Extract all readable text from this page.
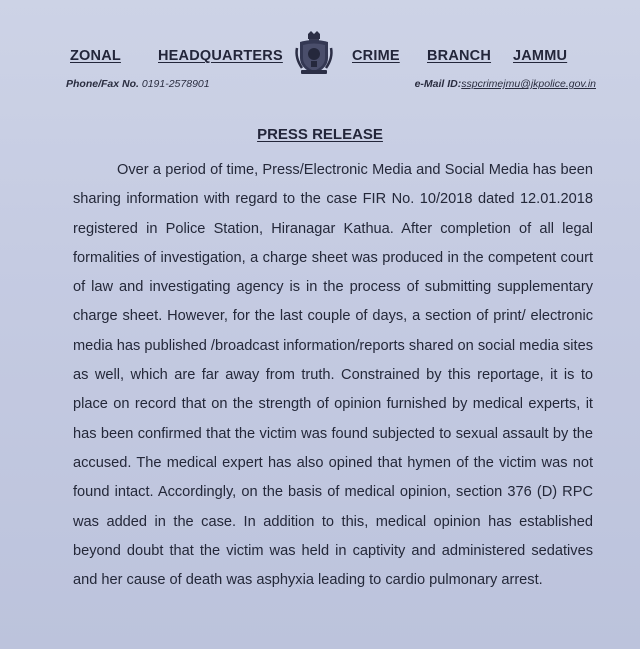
ZONAL	HEADQUARTERS	CRIME BRANCH JAMMU
Phone/Fax No. 0191-2578901	e-Mail ID:sspcrimejmu@jkpolice.gov.in
PRESS RELEASE
Over a period of time, Press/Electronic Media and Social Media has been sharing information with regard to the case FIR No. 10/2018 dated 12.01.2018 registered in Police Station, Hiranagar Kathua. After completion of all legal formalities of investigation, a charge sheet was produced in the competent court of law and investigating agency is in the process of submitting supplementary charge sheet. However, for the last couple of days, a section of print/ electronic media has published /broadcast information/reports shared on social media sites as well, which are far away from truth. Constrained by this reportage, it is to place on record that on the strength of opinion furnished by medical experts, it has been confirmed that the victim was found subjected to sexual assault by the accused. The medical expert has also opined that hymen of the victim was not found intact. Accordingly, on the basis of medical opinion, section 376 (D) RPC was added in the case. In addition to this, medical opinion has established beyond doubt that the victim was held in captivity and administered sedatives and her cause of death was asphyxia leading to cardio pulmonary arrest.
